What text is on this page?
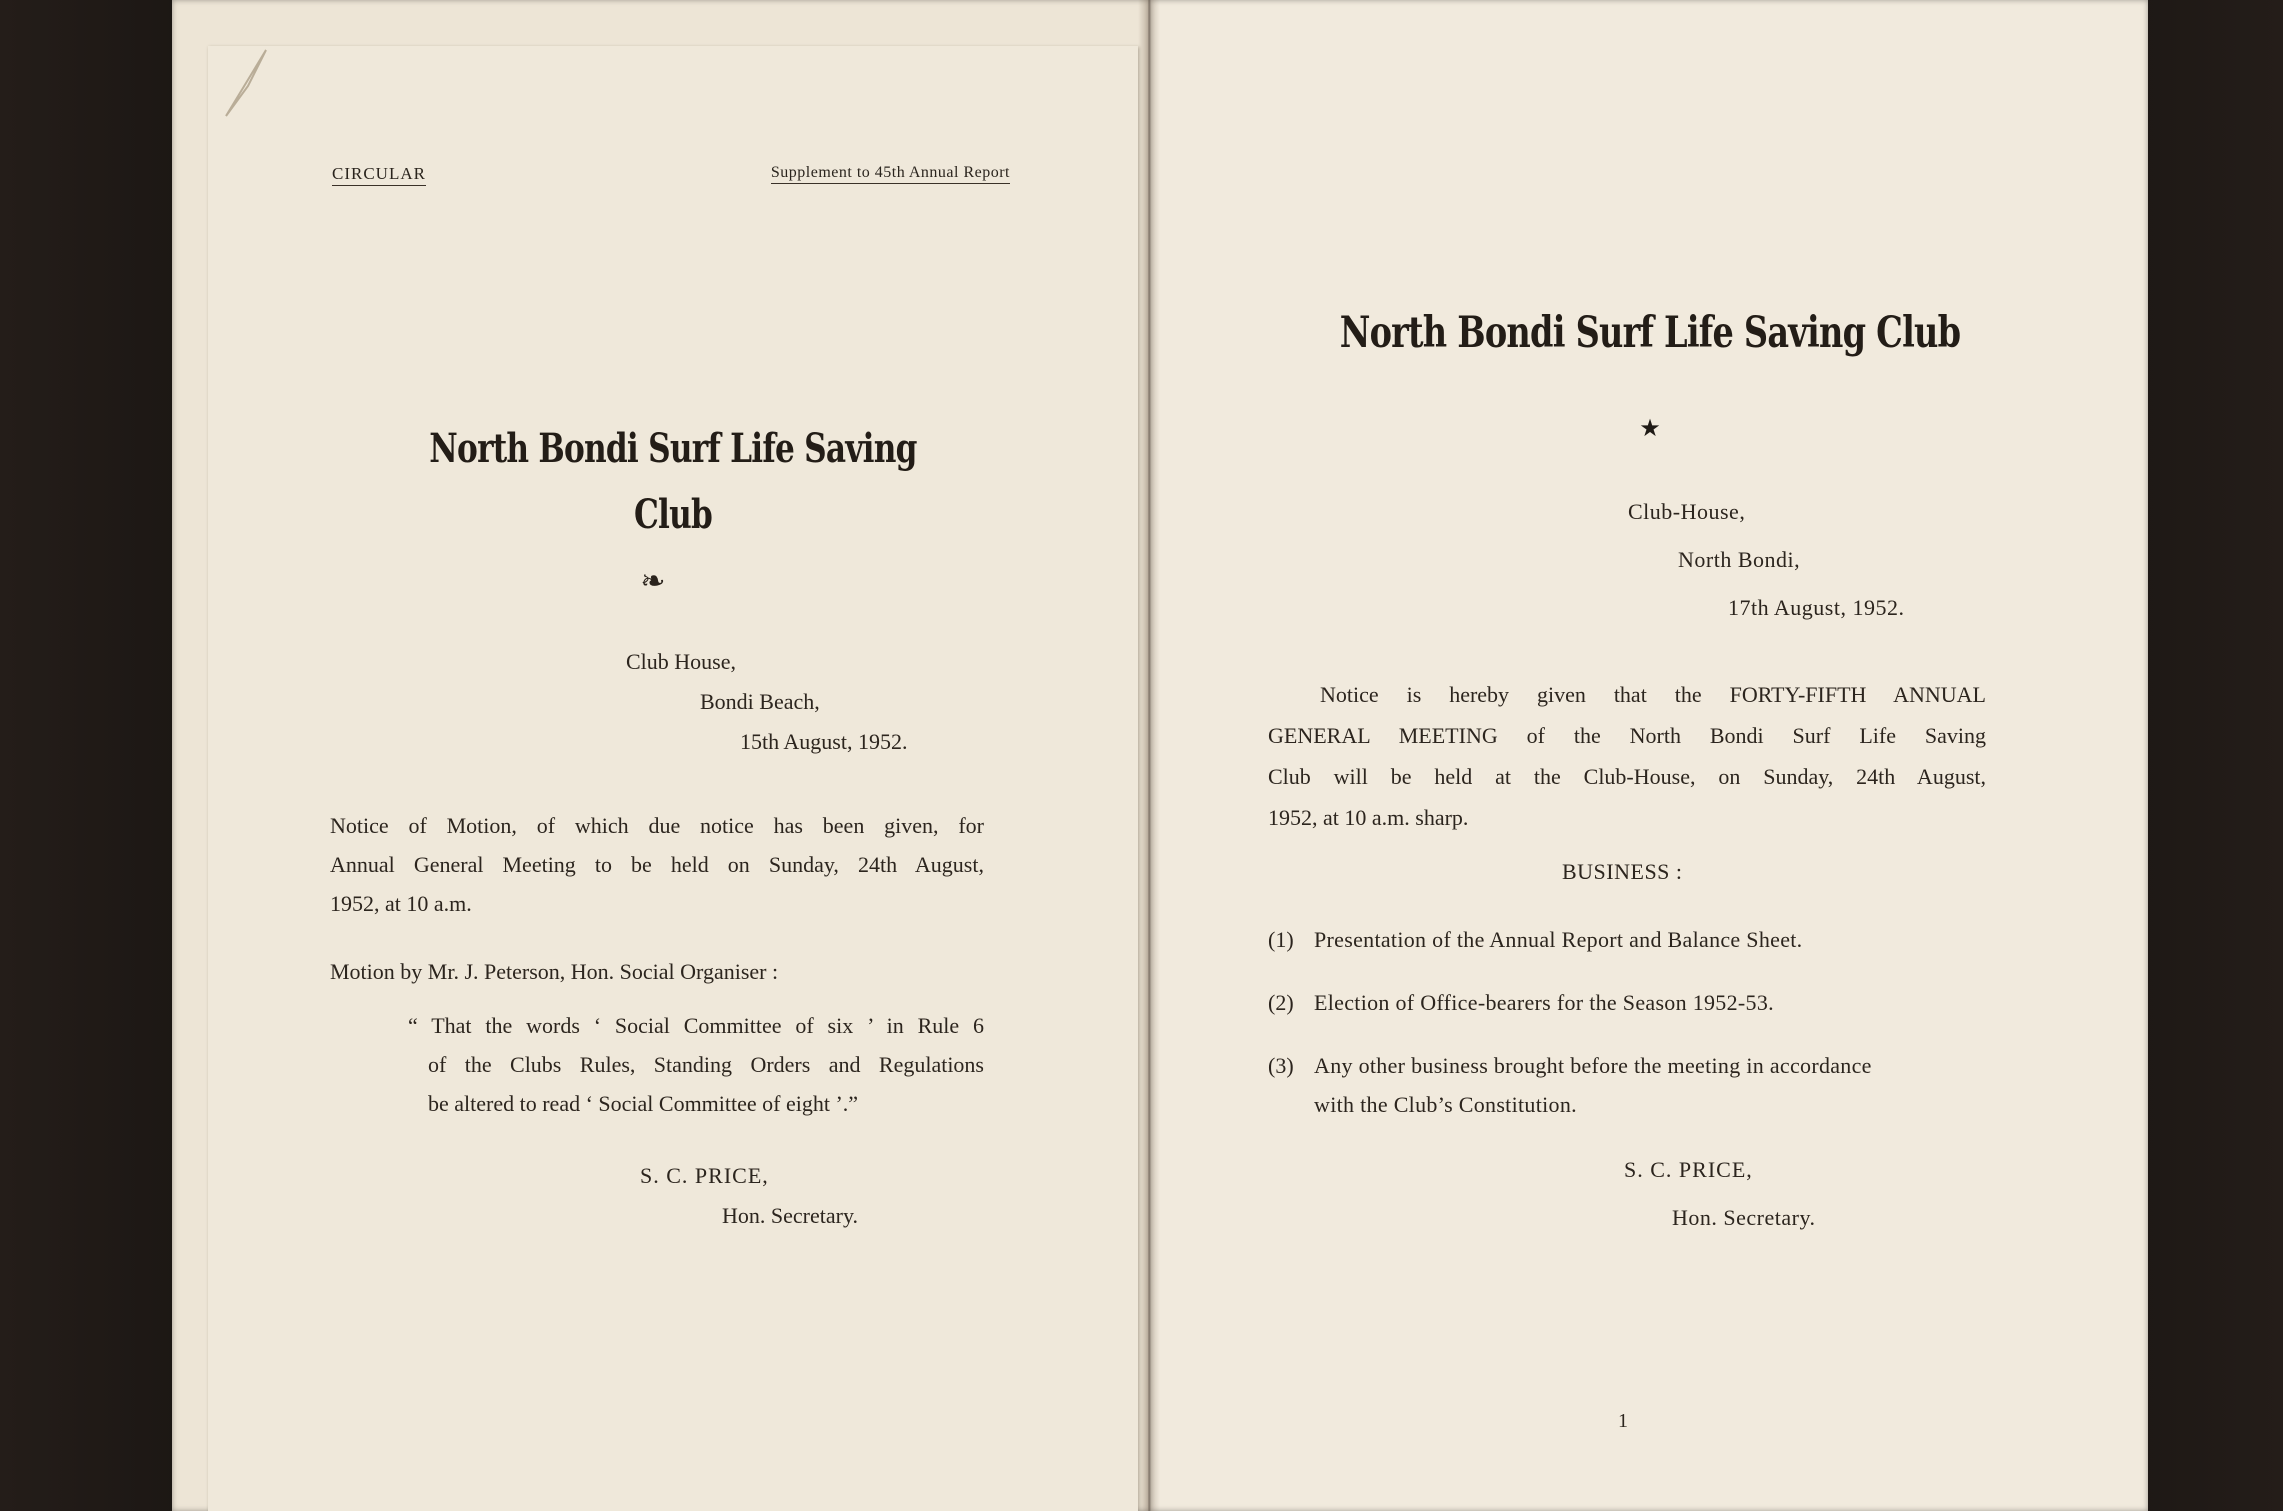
CIRCULAR	Supplement to 45th Annual Report
North Bondi Surf Life Saving
Club
❧
Club House,
Bondi Beach,
15th August, 1952.
Notice of Motion, of which due notice has been given, for
Annual General Meeting to be held on Sunday, 24th August,
1952, at 10 a.m.
Motion by Mr. J. Peterson, Hon. Social Organiser :
“ That the words ‘ Social Committee of six ’ in Rule 6
of the Clubs Rules, Standing Orders and Regulations
be altered to read ‘ Social Committee of eight ’.”
S. C. PRICE,
Hon. Secretary.
North Bondi Surf Life Saving Club
★
Club-House,
North Bondi,
17th August, 1952.
Notice is hereby given that the FORTY-FIFTH ANNUAL
GENERAL MEETING of the North Bondi Surf Life Saving
Club will be held at the Club-House, on Sunday, 24th August,
1952, at 10 a.m. sharp.
BUSINESS :
(1) Presentation of the Annual Report and Balance Sheet.
(2) Election of Office-bearers for the Season 1952-53.
(3) Any other business brought before the meeting in accordance
with the Club’s Constitution.
S. C. PRICE,
Hon. Secretary.
1
